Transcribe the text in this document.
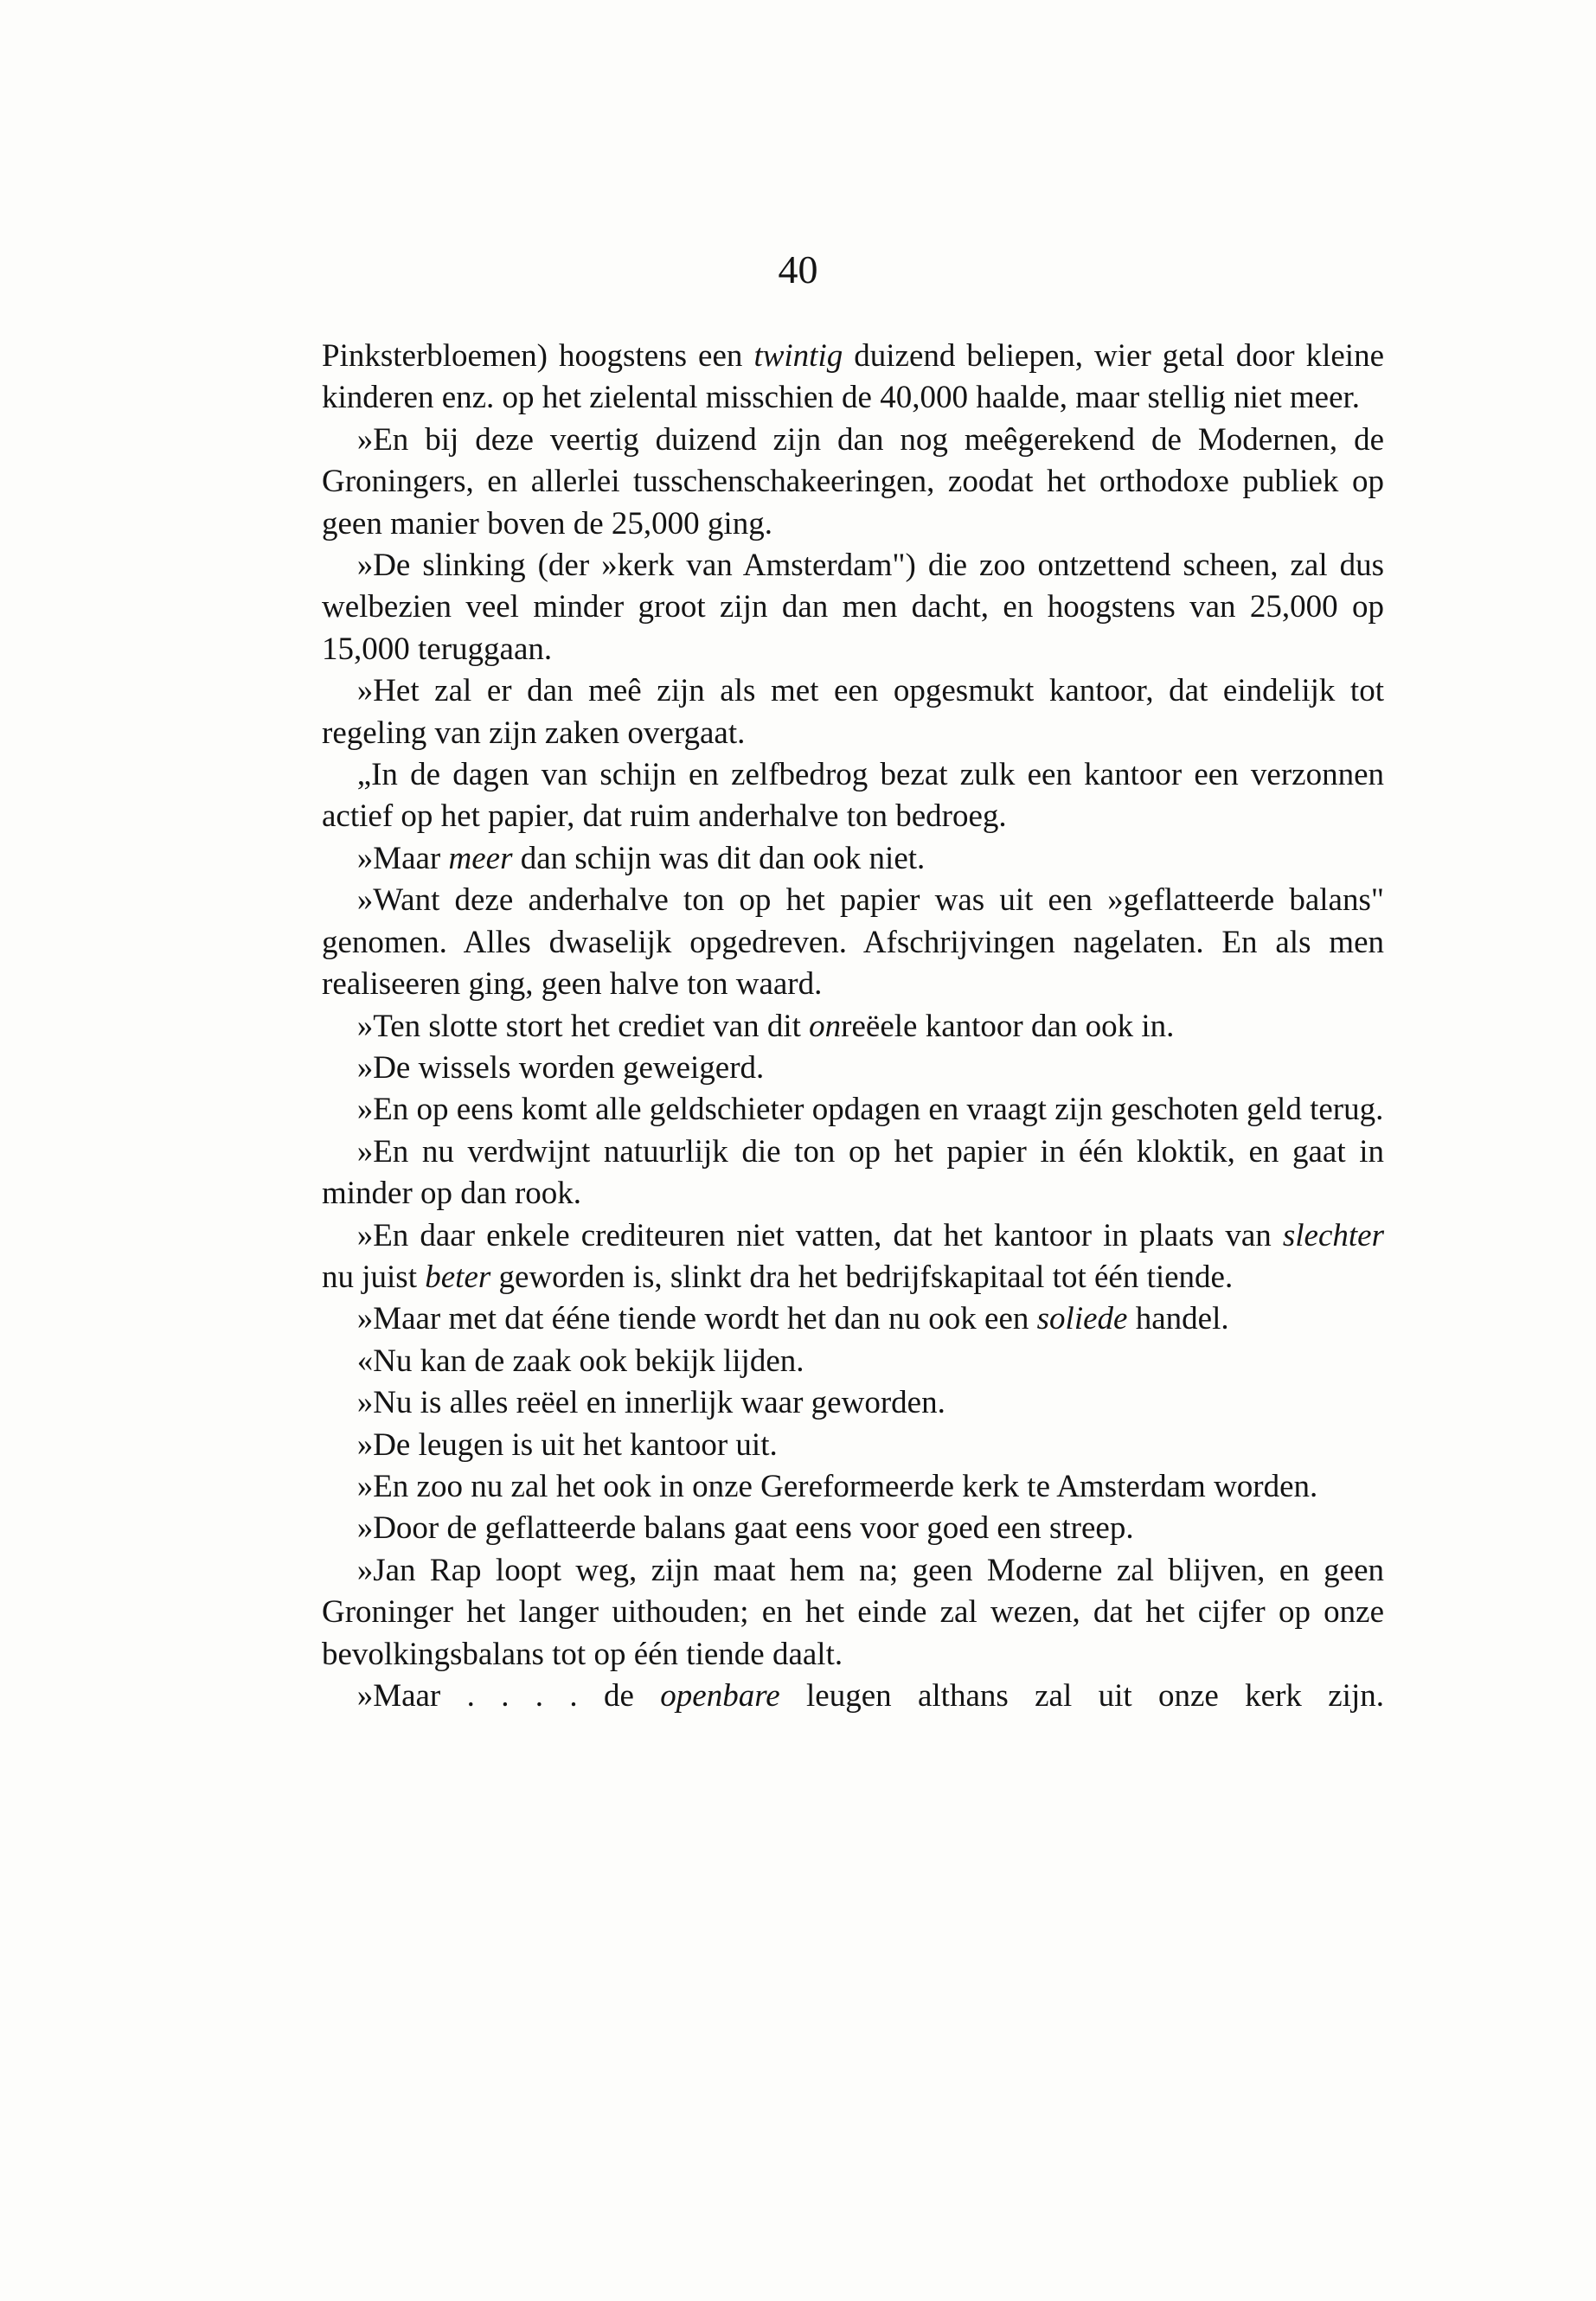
40

Pinksterbloemen) hoogstens een twintig duizend beliepen, wier getal door kleine kinderen enz. op het zielental misschien de 40,000 haalde, maar stellig niet meer.

»En bij deze veertig duizend zijn dan nog meêgerekend de Modernen, de Groningers, en allerlei tusschenschakeeringen, zoodat het orthodoxe publiek op geen manier boven de 25,000 ging.

»De slinking (der »kerk van Amsterdam") die zoo ontzettend scheen, zal dus welbezien veel minder groot zijn dan men dacht, en hoogstens van 25,000 op 15,000 teruggaan.

»Het zal er dan meê zijn als met een opgesmukt kantoor, dat eindelijk tot regeling van zijn zaken overgaat.

„In de dagen van schijn en zelfbedrog bezat zulk een kantoor een verzonnen actief op het papier, dat ruim anderhalve ton bedroeg.

»Maar meer dan schijn was dit dan ook niet.

»Want deze anderhalve ton op het papier was uit een »geflatteerde balans" genomen. Alles dwaselijk opgedreven. Afschrijvingen nagelaten. En als men realiseeren ging, geen halve ton waard.

»Ten slotte stort het crediet van dit onreëele kantoor dan ook in.

»De wissels worden geweigerd.

»En op eens komt alle geldschieter opdagen en vraagt zijn geschoten geld terug.

»En nu verdwijnt natuurlijk die ton op het papier in één kloktik, en gaat in minder op dan rook.

»En daar enkele crediteuren niet vatten, dat het kantoor in plaats van slechter nu juist beter geworden is, slinkt dra het bedrijfskapitaal tot één tiende.

»Maar met dat ééne tiende wordt het dan nu ook een soliede handel.

«Nu kan de zaak ook bekijk lijden.

»Nu is alles reëel en innerlijk waar geworden.

»De leugen is uit het kantoor uit.

»En zoo nu zal het ook in onze Gereformeerde kerk te Amsterdam worden.

»Door de geflatteerde balans gaat eens voor goed een streep.

»Jan Rap loopt weg, zijn maat hem na; geen Moderne zal blijven, en geen Groninger het langer uithouden; en het einde zal wezen, dat het cijfer op onze bevolkingsbalans tot op één tiende daalt.

»Maar . . . . de openbare leugen althans zal uit onze kerk zijn.
